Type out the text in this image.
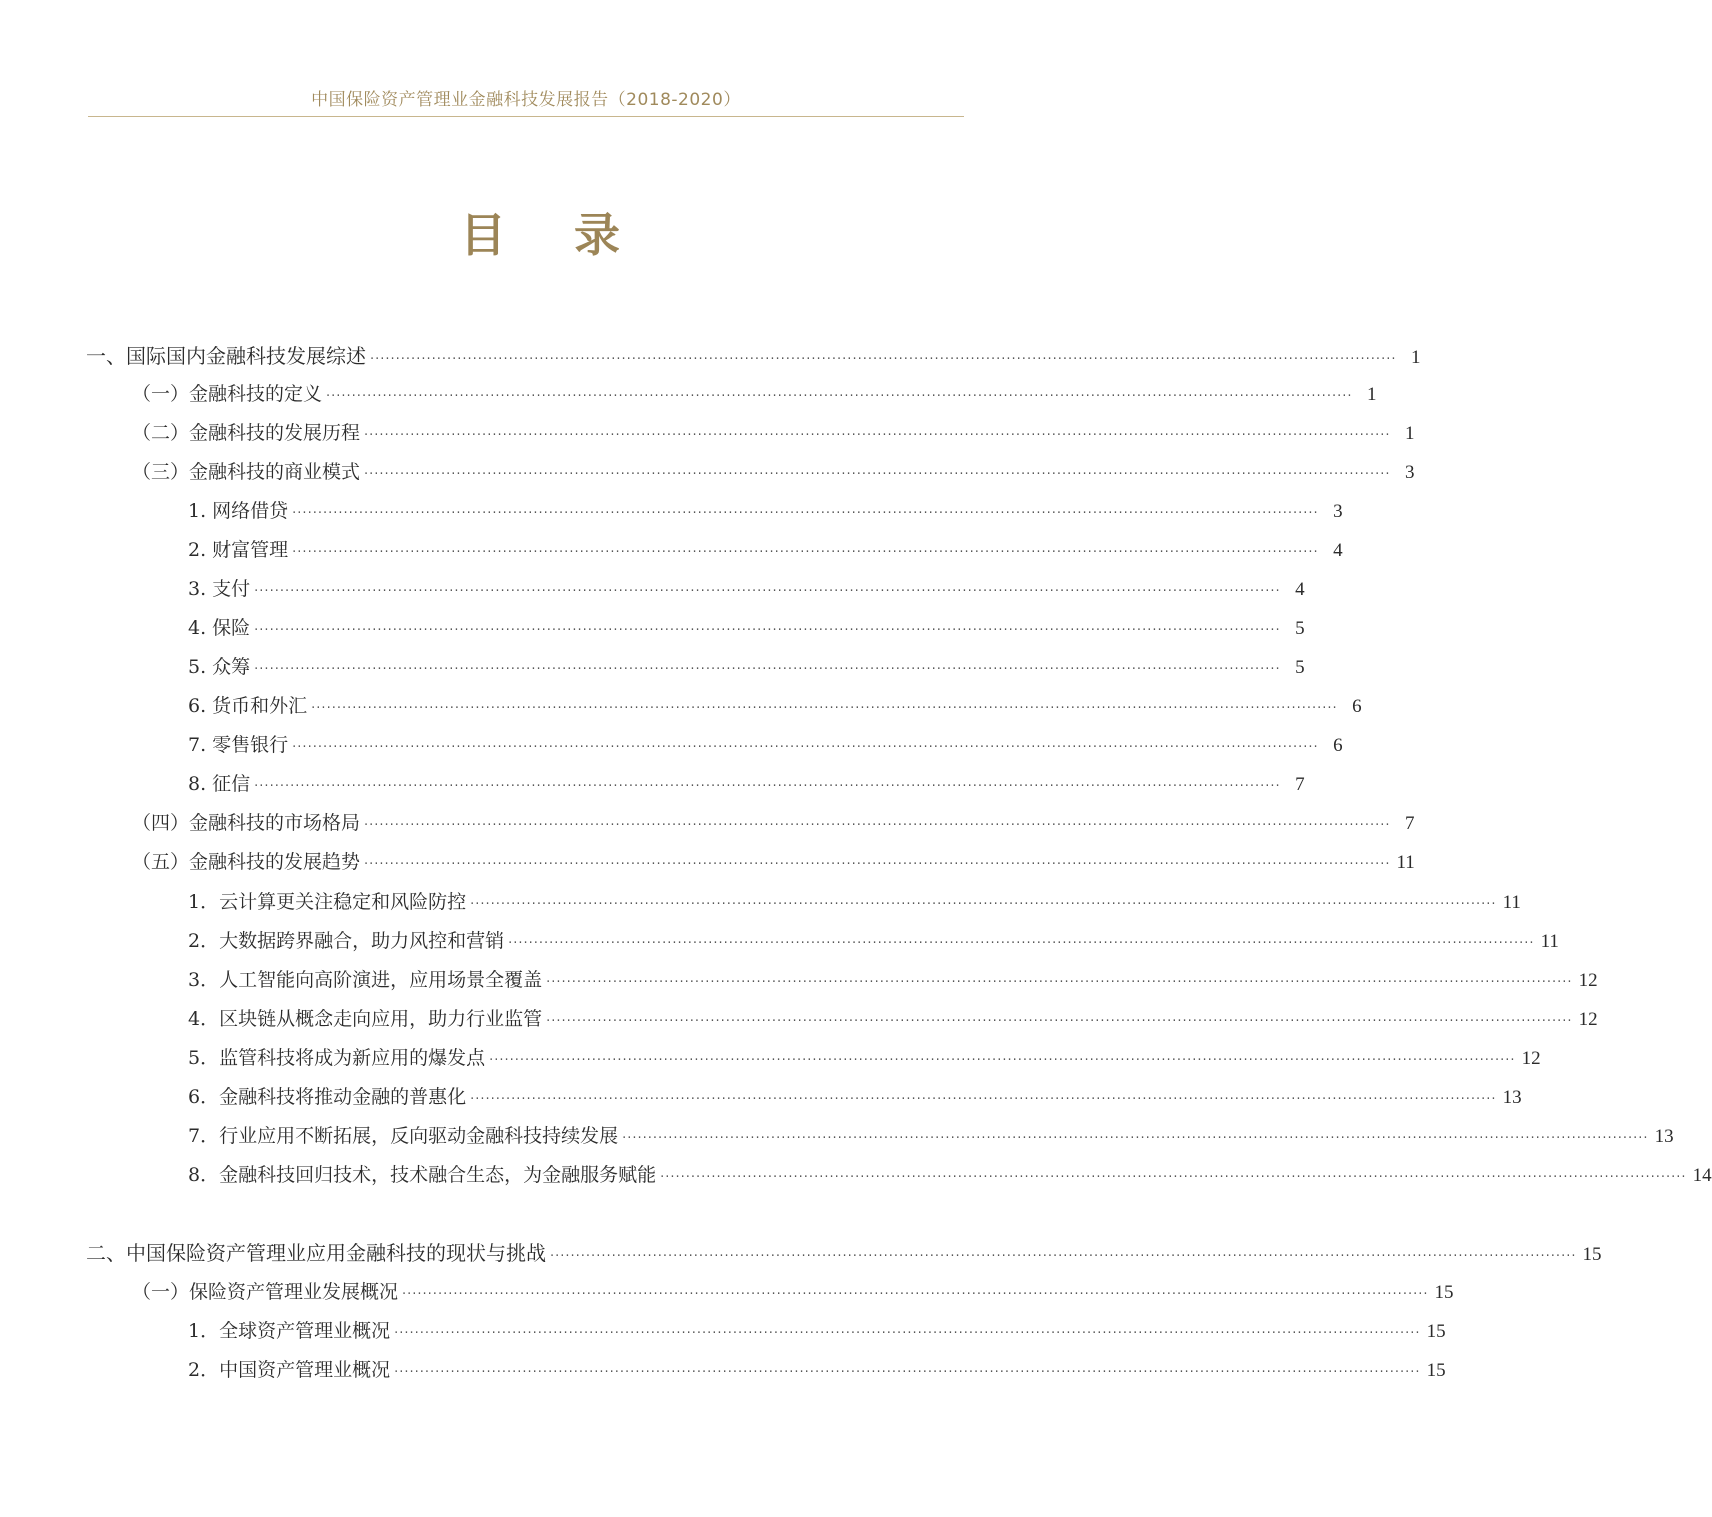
中国保险资产管理业金融科技发展报告（2018-2020）
目 录
一、国际国内金融科技发展综述 ········································································································································································································ 1
（一）金融科技的定义 ········································································································································································································ 1
（二）金融科技的发展历程 ········································································································································································································ 1
（三）金融科技的商业模式 ········································································································································································································ 3
1. 网络借贷 ········································································································································································································ 3
2. 财富管理 ········································································································································································································ 4
3. 支付 ········································································································································································································ 4
4. 保险 ········································································································································································································ 5
5. 众筹 ········································································································································································································ 5
6. 货币和外汇 ········································································································································································································ 6
7. 零售银行 ········································································································································································································ 6
8. 征信 ········································································································································································································ 7
（四）金融科技的市场格局 ········································································································································································································ 7
（五）金融科技的发展趋势 ········································································································································································································ 11
1．云计算更关注稳定和风险防控 ········································································································································································································ 11
2．大数据跨界融合，助力风控和营销 ········································································································································································································ 11
3．人工智能向高阶演进，应用场景全覆盖 ········································································································································································································ 12
4．区块链从概念走向应用，助力行业监管 ········································································································································································································ 12
5．监管科技将成为新应用的爆发点 ········································································································································································································ 12
6．金融科技将推动金融的普惠化 ········································································································································································································ 13
7．行业应用不断拓展，反向驱动金融科技持续发展 ········································································································································································································ 13
8．金融科技回归技术，技术融合生态，为金融服务赋能 ········································································································································································································ 14
二、中国保险资产管理业应用金融科技的现状与挑战 ········································································································································································································ 15
（一）保险资产管理业发展概况 ········································································································································································································ 15
1．全球资产管理业概况 ········································································································································································································ 15
2．中国资产管理业概况 ········································································································································································································ 15
